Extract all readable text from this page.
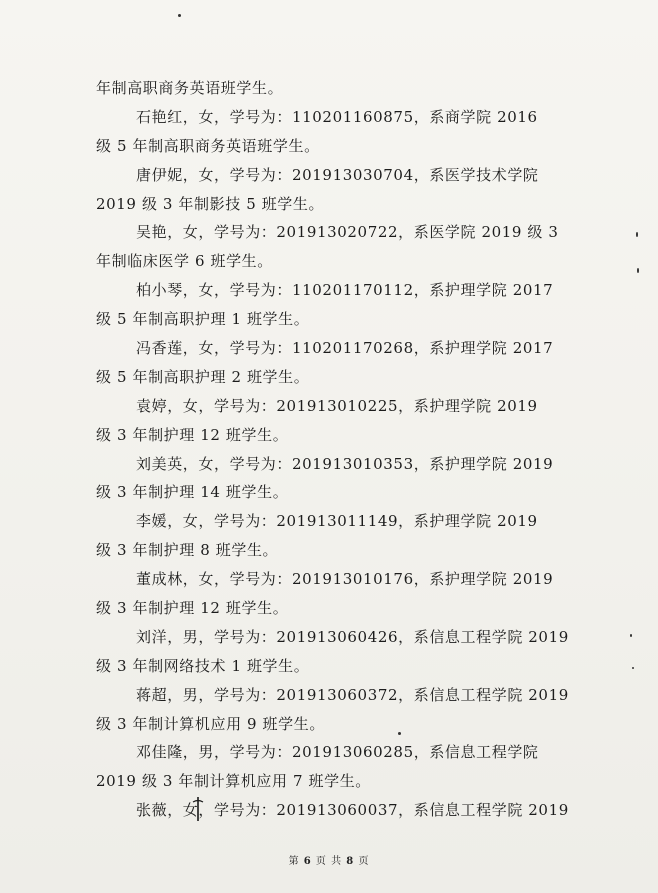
年制高职商务英语班学生。
石艳红，女，学号为：110201160875，系商学院 2016
级 5 年制高职商务英语班学生。
唐伊妮，女，学号为：201913030704，系医学技术学院
2019 级 3 年制影技 5 班学生。
吴艳，女，学号为：201913020722，系医学院 2019 级 3
年制临床医学 6 班学生。
柏小琴，女，学号为：110201170112，系护理学院 2017
级 5 年制高职护理 1 班学生。
冯香莲，女，学号为：110201170268，系护理学院 2017
级 5 年制高职护理 2 班学生。
袁婷，女，学号为：201913010225，系护理学院 2019
级 3 年制护理 12 班学生。
刘美英，女，学号为：201913010353，系护理学院 2019
级 3 年制护理 14 班学生。
李媛，女，学号为：201913011149，系护理学院 2019
级 3 年制护理 8 班学生。
董成林，女，学号为：201913010176，系护理学院 2019
级 3 年制护理 12 班学生。
刘洋，男，学号为：201913060426，系信息工程学院 2019
级 3 年制网络技术 1 班学生。
蒋超，男，学号为：201913060372，系信息工程学院 2019
级 3 年制计算机应用 9 班学生。
邓佳隆，男，学号为：201913060285，系信息工程学院
2019 级 3 年制计算机应用 7 班学生。
张薇，女，学号为：201913060037，系信息工程学院 2019
第 6 页 共 8 页
